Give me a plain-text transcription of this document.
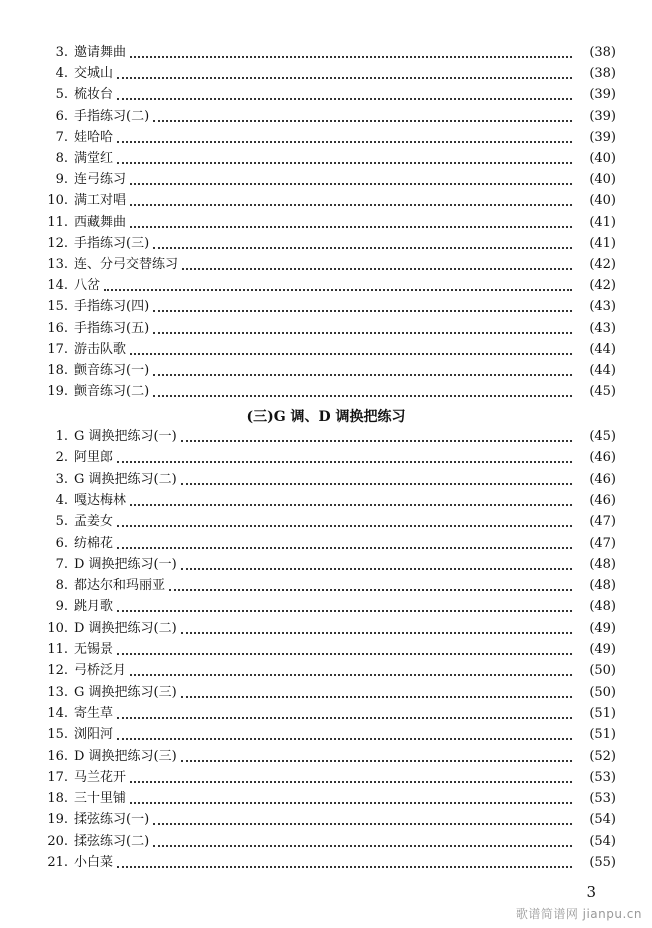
3. 邀请舞曲	(38)
4. 交城山	(38)
5. 梳妆台	(39)
6. 手指练习(二)	(39)
7. 娃哈哈	(39)
8. 满堂红	(40)
9. 连弓练习	(40)
10. 满工对唱	(40)
11. 西藏舞曲	(41)
12. 手指练习(三)	(41)
13. 连、分弓交替练习	(42)
14. 八岔	(42)
15. 手指练习(四)	(43)
16. 手指练习(五)	(43)
17. 游击队歌	(44)
18. 颤音练习(一)	(44)
19. 颤音练习(二)	(45)
(三)G 调、D 调换把练习
1. G 调换把练习(一)	(45)
2. 阿里郎	(46)
3. G 调换把练习(二)	(46)
4. 嘎达梅林	(46)
5. 孟姜女	(47)
6. 纺棉花	(47)
7. D 调换把练习(一)	(48)
8. 都达尔和玛丽亚	(48)
9. 跳月歌	(48)
10. D 调换把练习(二)	(49)
11. 无锡景	(49)
12. 弓桥泛月	(50)
13. G 调换把练习(三)	(50)
14. 寄生草	(51)
15. 浏阳河	(51)
16. D 调换把练习(三)	(52)
17. 马兰花开	(53)
18. 三十里铺	(53)
19. 揉弦练习(一)	(54)
20. 揉弦练习(二)	(54)
21. 小白菜	(55)
3
歌谱简谱网 jianpu.cn
